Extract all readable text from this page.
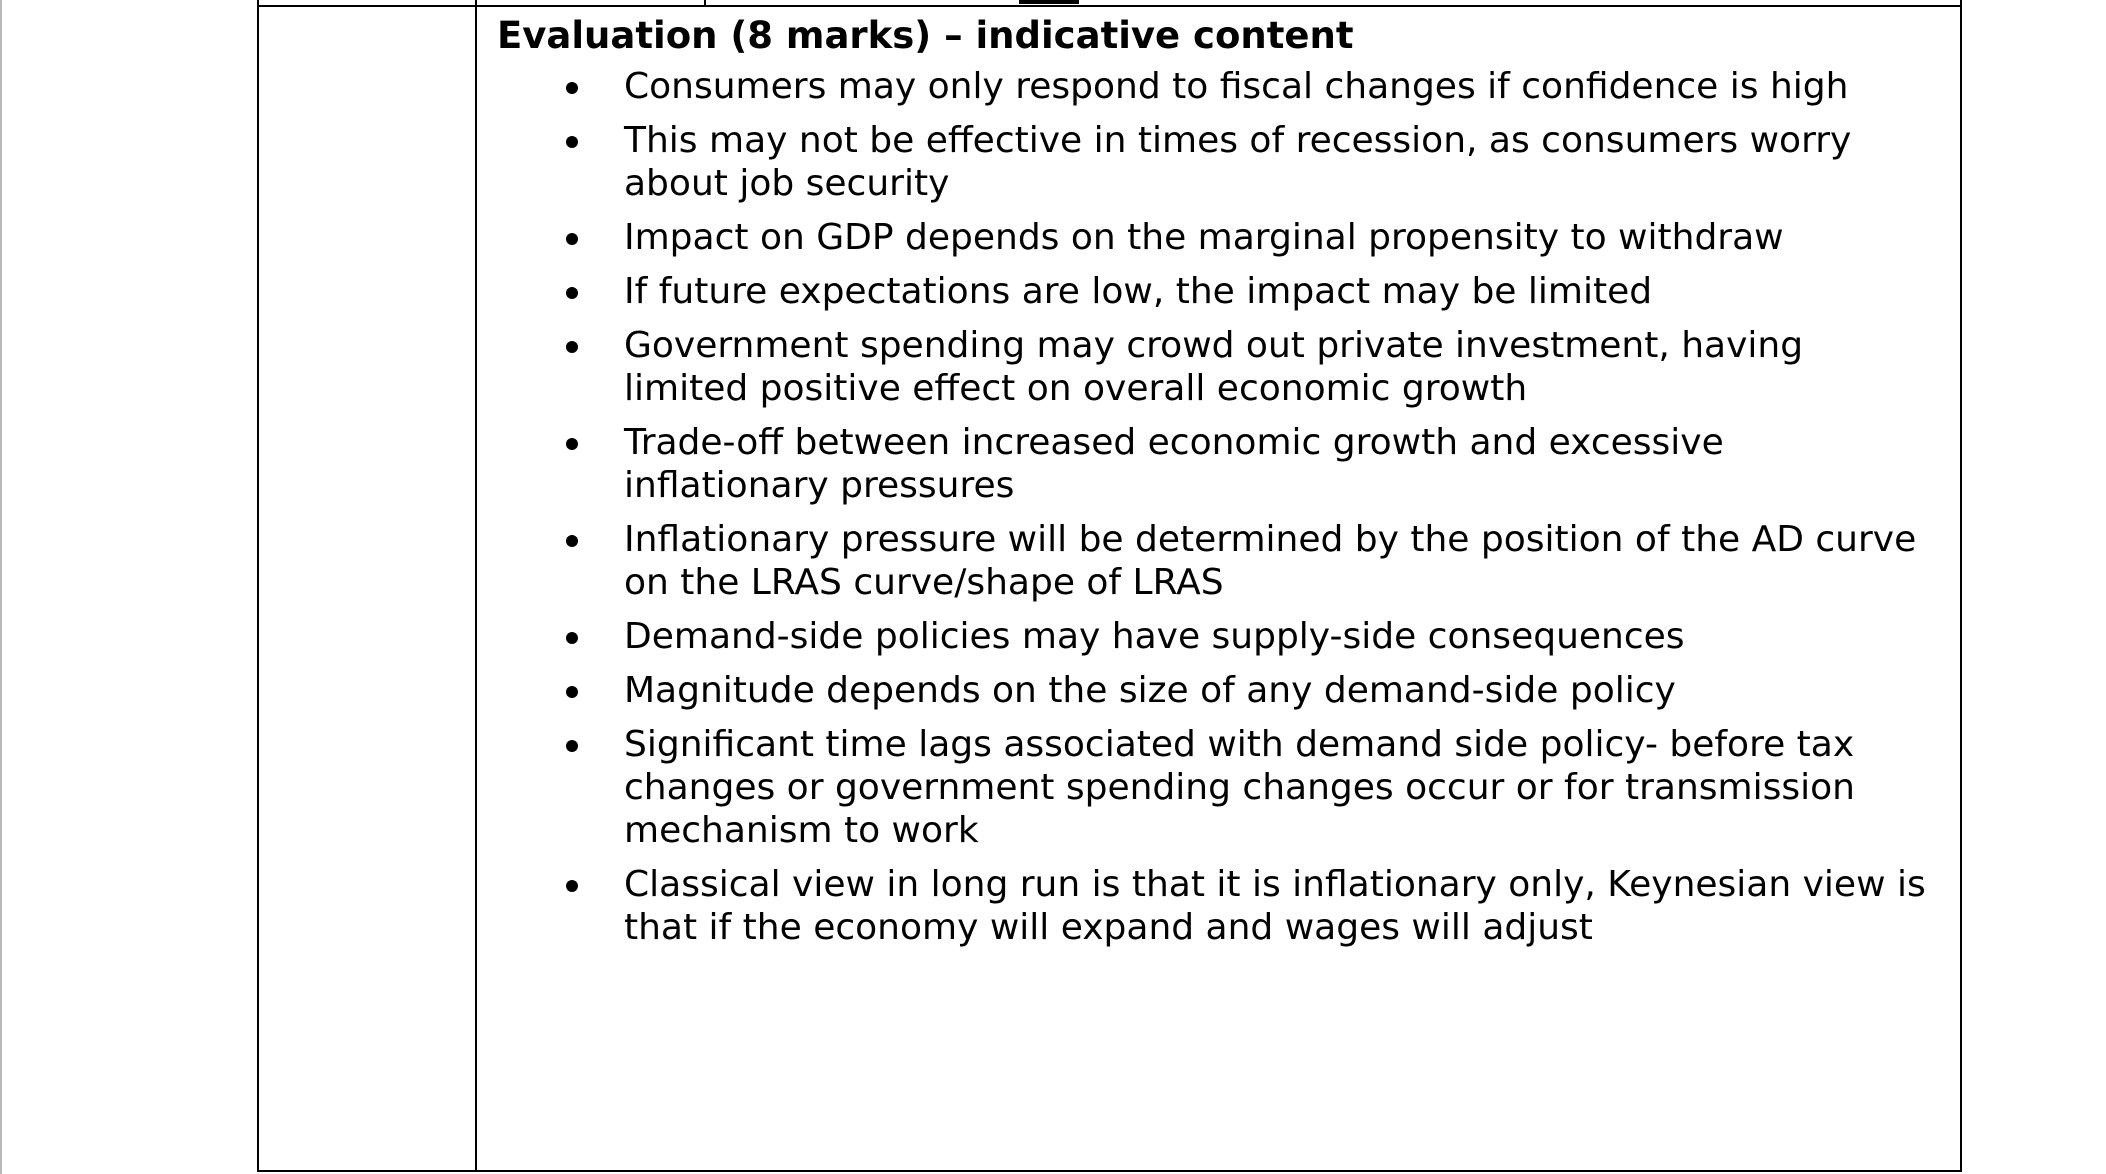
Evaluation (8 marks) – indicative content
Consumers may only respond to fiscal changes if confidence is high
This may not be effective in times of recession, as consumers worry about job security
Impact on GDP depends on the marginal propensity to withdraw
If future expectations are low, the impact may be limited
Government spending may crowd out private investment, having limited positive effect on overall economic growth
Trade-off between increased economic growth and excessive inflationary pressures
Inflationary pressure will be determined by the position of the AD curve on the LRAS curve/shape of LRAS
Demand-side policies may have supply-side consequences
Magnitude depends on the size of any demand-side policy
Significant time lags associated with demand side policy- before tax changes or government spending changes occur or for transmission mechanism to work
Classical view in long run is that it is inflationary only, Keynesian view is that if the economy will expand and wages will adjust
